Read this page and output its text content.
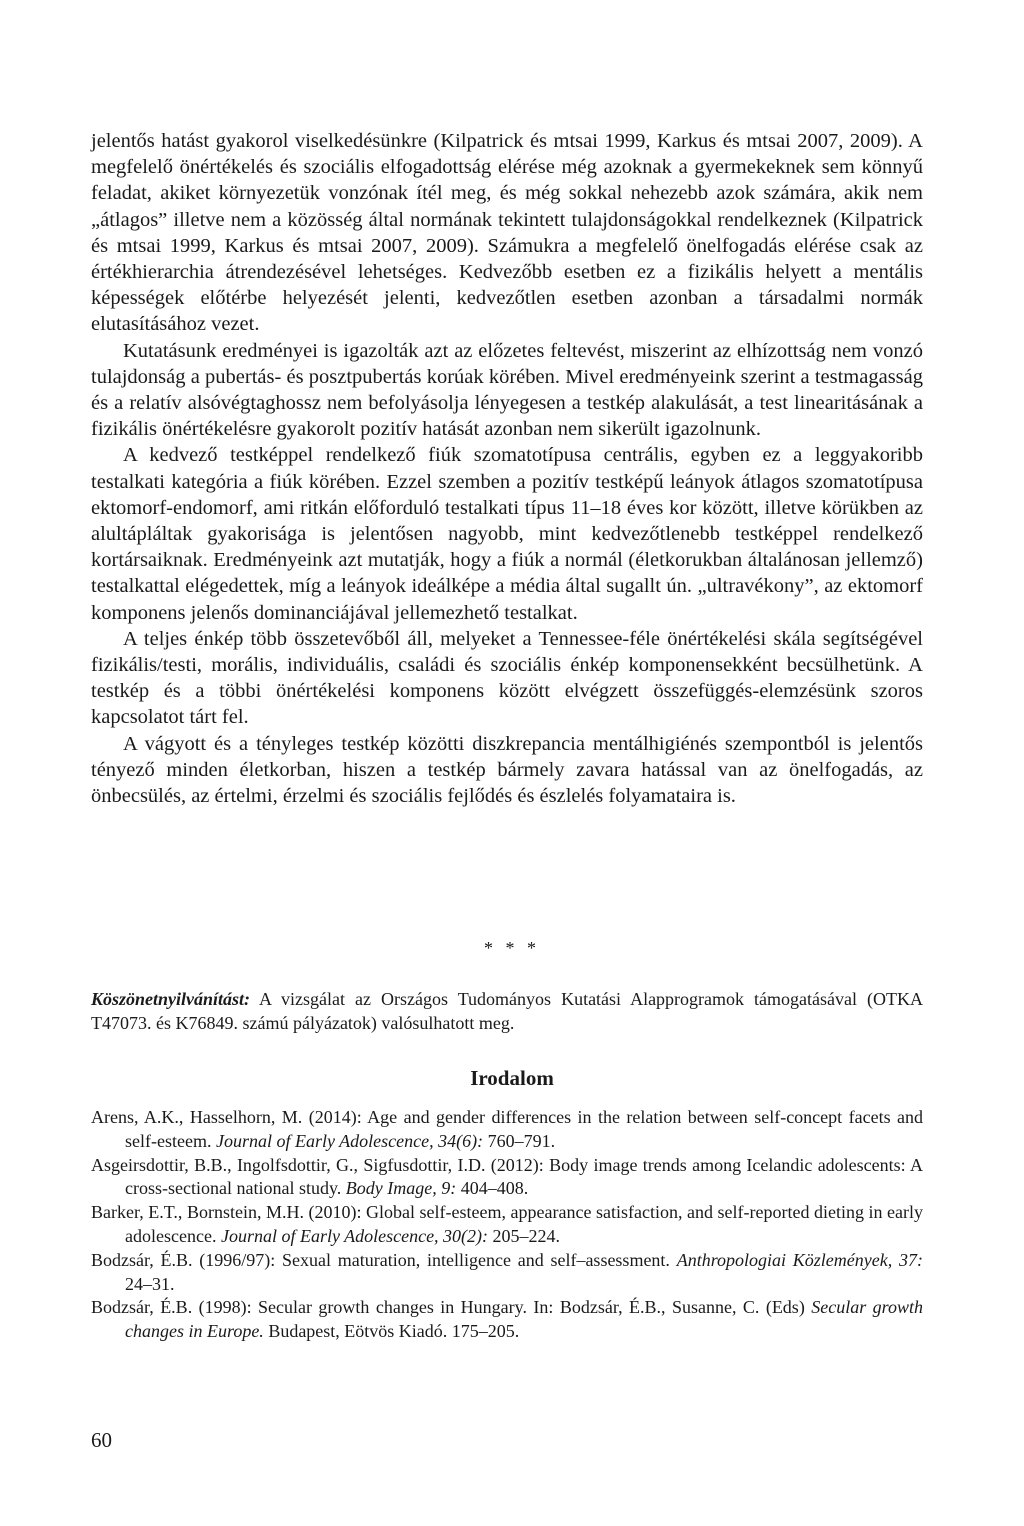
jelentős hatást gyakorol viselkedésünkre (Kilpatrick és mtsai 1999, Karkus és mtsai 2007, 2009). A megfelelő önértékelés és szociális elfogadottság elérése még azoknak a gyermekeknek sem könnyű feladat, akiket környezetük vonzónak ítél meg, és még sokkal nehezebb azok számára, akik nem „átlagos” illetve nem a közösség által normának tekintett tulajdonságokkal rendelkeznek (Kilpatrick és mtsai 1999, Karkus és mtsai 2007, 2009). Számukra a megfelelő önelfogadás elérése csak az értékhierarchia átrendezésével lehetséges. Kedvezőbb esetben ez a fizikális helyett a mentális képességek előtérbe helyezését jelenti, kedvezőtlen esetben azonban a társadalmi normák elutasításához vezet.

Kutatásunk eredményei is igazolták azt az előzetes feltevést, miszerint az elhízottság nem vonzó tulajdonság a pubertás- és posztpubertás korúak körében. Mivel eredményeink szerint a testmagasság és a relatív alsóvégtaghossz nem befolyásolja lényegesen a testkép alakulását, a test linearitásának a fizikális önértékelésre gyakorolt pozitív hatását azonban nem sikerült igazolnunk.

A kedvező testképpel rendelkező fiúk szomatotípusa centrális, egyben ez a leggyakoribb testalkati kategória a fiúk körében. Ezzel szemben a pozitív testképű leányok átlagos szomatotípusa ektomorf-endomorf, ami ritkán előforduló testalkati típus 11–18 éves kor között, illetve körükben az alultápláltak gyakorisága is jelentősen nagyobb, mint kedvezőtlenebb testképpel rendelkező kortársaiknak. Eredményeink azt mutatják, hogy a fiúk a normál (életkorukban általánosan jellemző) testalkattal elégedettek, míg a leányok ideálképe a média által sugallt ún. „ultravékony”, az ektomorf komponens jelenős dominanciájával jellemezhető testalkat.

A teljes énkép több összetevőből áll, melyeket a Tennessee-féle önértékelési skála segítségével fizikális/testi, morális, individuális, családi és szociális énkép komponensekként becsülhetünk. A testkép és a többi önértékelési komponens között elvégzett összefüggés-elemzésünk szoros kapcsolatot tárt fel.

A vágyott és a tényleges testkép közötti diszkrepancia mentálhigiénés szempontból is jelentős tényező minden életkorban, hiszen a testkép bármely zavara hatással van az önelfogadás, az önbecsülés, az értelmi, érzelmi és szociális fejlődés és észlelés folyamataira is.

* * *
Köszönetnyilvánítást: A vizsgálat az Országos Tudományos Kutatási Alapprogramok támogatásával (OTKA T47073. és K76849. számú pályázatok) valósulhatott meg.
Irodalom

Arens, A.K., Hasselhorn, M. (2014): Age and gender differences in the relation between self-concept facets and self-esteem. Journal of Early Adolescence, 34(6): 760–791.

Asgeirsdottir, B.B., Ingolfsdottir, G., Sigfusdottir, I.D. (2012): Body image trends among Icelandic adolescents: A cross-sectional national study. Body Image, 9: 404–408.

Barker, E.T., Bornstein, M.H. (2010): Global self-esteem, appearance satisfaction, and self-reported dieting in early adolescence. Journal of Early Adolescence, 30(2): 205–224.

Bodzsár, É.B. (1996/97): Sexual maturation, intelligence and self–assessment. Anthropologiai Közlemények, 37: 24–31.

Bodzsár, É.B. (1998): Secular growth changes in Hungary. In: Bodzsár, É.B., Susanne, C. (Eds) Secular growth changes in Europe. Budapest, Eötvös Kiadó. 175–205.

60
